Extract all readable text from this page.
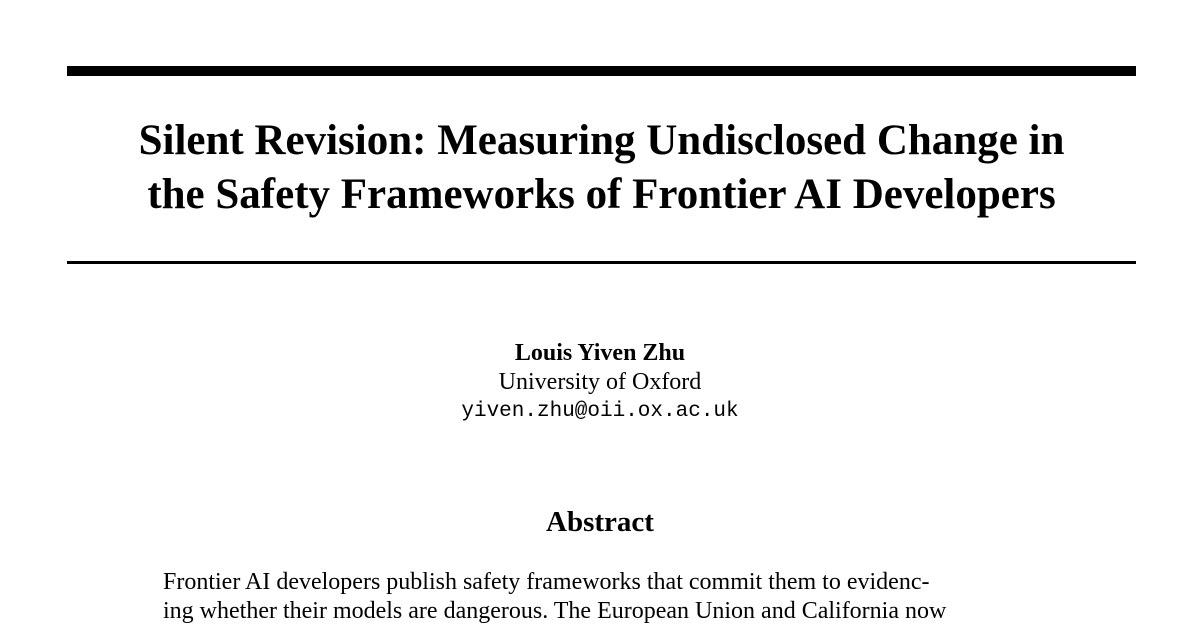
Silent Revision: Measuring Undisclosed Change in
the Safety Frameworks of Frontier AI Developers
Louis Yiven Zhu
University of Oxford
yiven.zhu@oii.ox.ac.uk
Abstract
Frontier AI developers publish safety frameworks that commit them to evidenc-
ing whether their models are dangerous. The European Union and California now
